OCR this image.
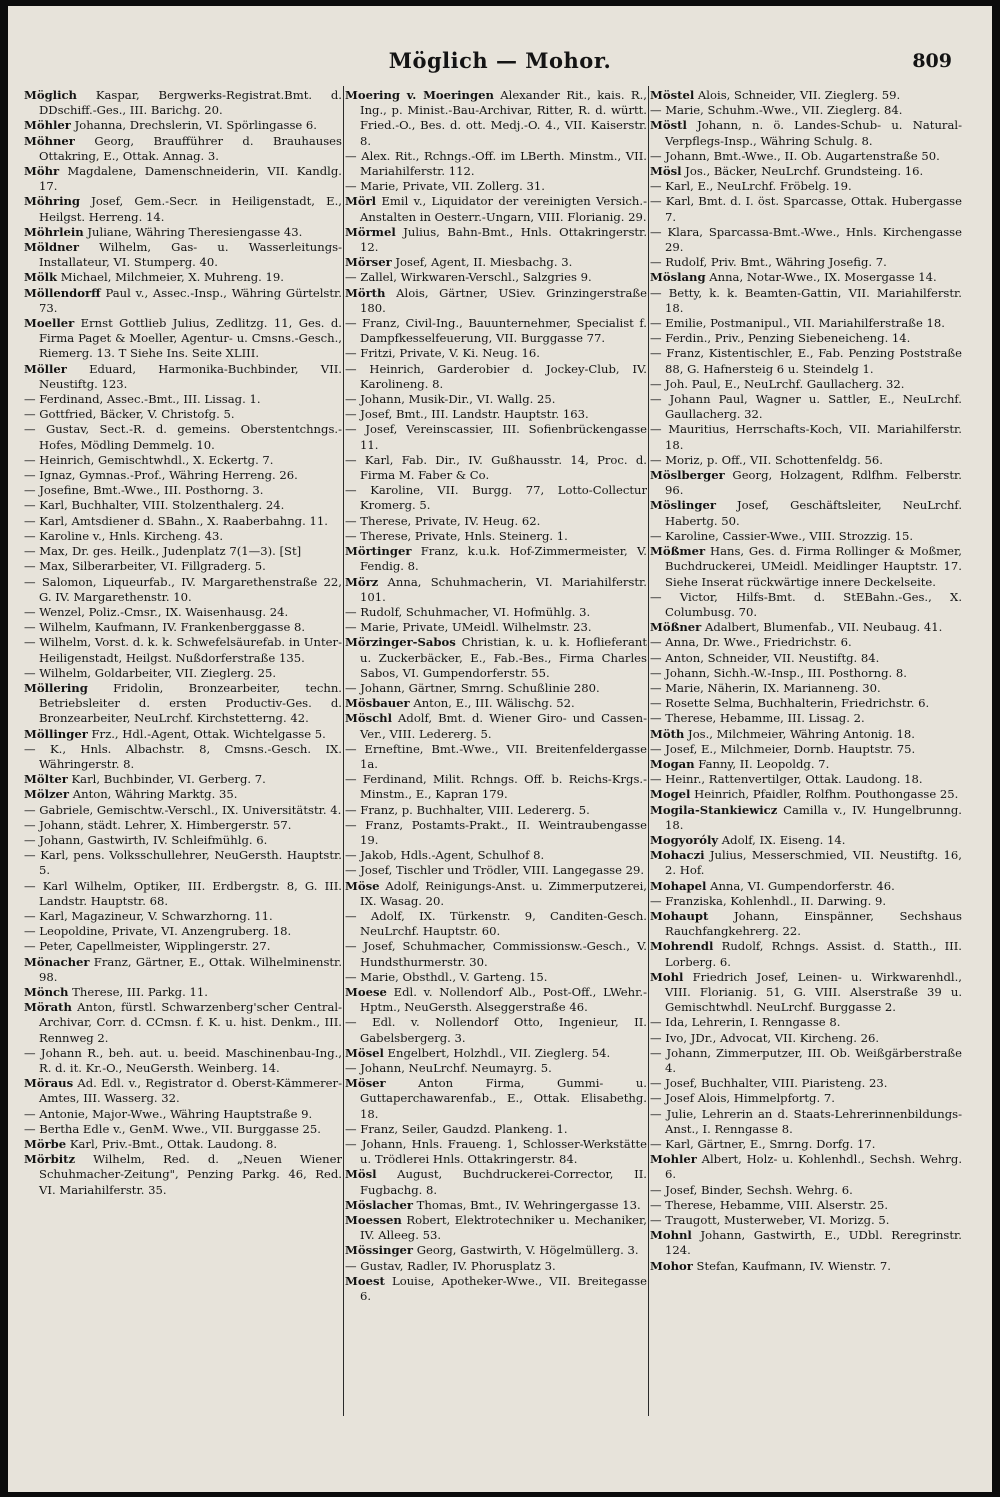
Möglich — Mohor.	809

Möglich Kaspar, Bergwerks-Registrat.Bmt. d. DDschiff.-Ges., III. Barichg. 20.

Möhler Johanna, Drechslerin, VI. Spörlingasse 6.

Möhner Georg, Braufführer d. Brauhauses Ottakring, E., Ottak. Annag. 3.

Möhr Magdalene, Damenschneiderin, VII. Kandlg. 17.

Möhring Josef, Gem.-Secr. in Heiligenstadt, E., Heilgst. Herreng. 14.

Möhrlein Juliane, Währing Theresiengasse 43.

Möldner Wilhelm, Gas- u. Wasserleitungs-Installateur, VI. Stumperg. 40.

Mölk Michael, Milchmeier, X. Muhreng. 19.

Möllendorff Paul v., Assec.-Insp., Währing Gürtelstr. 73.

Moeller Ernst Gottlieb Julius, Zedlitzg. 11, Ges. d. Firma Paget & Moeller, Agentur- u. Cmsns.-Gesch., Riemerg. 13. T Siehe Ins. Seite XLIII.

Möller Eduard, Harmonika-Buchbinder, VII. Neustiftg. 123.

— Ferdinand, Assec.-Bmt., III. Lissag. 1.

— Gottfried, Bäcker, V. Christofg. 5.

— Gustav, Sect.-R. d. gemeins. Oberstentchngs.-Hofes, Mödling Demmelg. 10.

— Heinrich, Gemischtwhdl., X. Eckertg. 7.

— Ignaz, Gymnas.-Prof., Währing Herreng. 26.

— Josefine, Bmt.-Wwe., III. Posthorng. 3.

— Karl, Buchhalter, VIII. Stolzenthalerg. 24.

— Karl, Amtsdiener d. SBahn., X. Raaberbahng. 11.

— Karoline v., Hnls. Kircheng. 43.

— Max, Dr. ges. Heilk., Judenplatz 7(1—3). [St]

— Max, Silberarbeiter, VI. Fillgraderg. 5.

— Salomon, Liqueurfab., IV. Margarethenstraße 22, G. IV. Margarethenstr. 10.

— Wenzel, Poliz.-Cmsr., IX. Waisenhausg. 24.

— Wilhelm, Kaufmann, IV. Frankenberggasse 8.

— Wilhelm, Vorst. d. k. k. Schwefelsäurefab. in Unter-Heiligenstadt, Heilgst. Nußdorferstraße 135.

— Wilhelm, Goldarbeiter, VII. Zieglerg. 25.

Möllering Fridolin, Bronzearbeiter, techn. Betriebsleiter d. ersten Productiv-Ges. d. Bronzearbeiter, NeuLrchf. Kirchstetterng. 42.

Möllinger Frz., Hdl.-Agent, Ottak. Wichtelgasse 5.

— K., Hnls. Albachstr. 8, Cmsns.-Gesch. IX. Währingerstr. 8.

Mölter Karl, Buchbinder, VI. Gerberg. 7.

Mölzer Anton, Währing Marktg. 35.

— Gabriele, Gemischtw.-Verschl., IX. Universitätstr. 4.

— Johann, städt. Lehrer, X. Himbergerstr. 57.

— Johann, Gastwirth, IV. Schleifmühlg. 6.

— Karl, pens. Volksschullehrer, NeuGersth. Hauptstr. 5.

— Karl Wilhelm, Optiker, III. Erdbergstr. 8, G. III. Landstr. Hauptstr. 68.

— Karl, Magazineur, V. Schwarzhorng. 11.

— Leopoldine, Private, VI. Anzengruberg. 18.

— Peter, Capellmeister, Wipplingerstr. 27.

Mönacher Franz, Gärtner, E., Ottak. Wilhelminenstr. 98.

Mönch Therese, III. Parkg. 11.

Mörath Anton, fürstl. Schwarzenberg'scher Central-Archivar, Corr. d. CCmsn. f. K. u. hist. Denkm., III. Rennweg 2.

— Johann R., beh. aut. u. beeid. Maschinenbau-Ing., R. d. it. Kr.-O., NeuGersth. Weinberg. 14.

Möraus Ad. Edl. v., Registrator d. Oberst-Kämmerer-Amtes, III. Wasserg. 32.

— Antonie, Major-Wwe., Währing Hauptstraße 9.

— Bertha Edle v., GenM. Wwe., VII. Burggasse 25.

Mörbe Karl, Priv.-Bmt., Ottak. Laudong. 8.

Mörbitz Wilhelm, Red. d. „Neuen Wiener Schuhmacher-Zeitung", Penzing Parkg. 46, Red. VI. Mariahilferstr. 35.

Moering v. Moeringen Alexander Rit., kais. R., Ing., p. Minist.-Bau-Archivar, Ritter, R. d. württ. Fried.-O., Bes. d. ott. Medj.-O. 4., VII. Kaiserstr. 8.

— Alex. Rit., Rchngs.-Off. im LBerth. Minstm., VII. Mariahilferstr. 112.

— Marie, Private, VII. Zollerg. 31.

Mörl Emil v., Liquidator der vereinigten Versich.-Anstalten in Oesterr.-Ungarn, VIII. Florianig. 29.

Mörmel Julius, Bahn-Bmt., Hnls. Ottakringerstr. 12.

Mörser Josef, Agent, II. Miesbachg. 3.

— Zallel, Wirkwaren-Verschl., Salzgries 9.

Mörth Alois, Gärtner, USiev. Grinzingerstraße 180.

— Franz, Civil-Ing., Bauunternehmer, Specialist f. Dampfkesselfeuerung, VII. Burggasse 77.

— Fritzi, Private, V. Ki. Neug. 16.

— Heinrich, Garderobier d. Jockey-Club, IV. Karolineng. 8.

— Johann, Musik-Dir., VI. Wallg. 25.

— Josef, Bmt., III. Landstr. Hauptstr. 163.

— Josef, Vereinscassier, III. Sofienbrückengasse 11.

— Karl, Fab. Dir., IV. Gußhausstr. 14, Proc. d. Firma M. Faber & Co.

— Karoline, VII. Burgg. 77, Lotto-Collectur Kromerg. 5.

— Therese, Private, IV. Heug. 62.

— Therese, Private, Hnls. Steinerg. 1.

Mörtinger Franz, k.u.k. Hof-Zimmermeister, V. Fendig. 8.

Mörz Anna, Schuhmacherin, VI. Mariahilferstr. 101.

— Rudolf, Schuhmacher, VI. Hofmühlg. 3.

— Marie, Private, UMeidl. Wilhelmstr. 23.

Mörzinger-Sabos Christian, k. u. k. Hoflieferant u. Zuckerbäcker, E., Fab.-Bes., Firma Charles Sabos, VI. Gumpendorferstr. 55.

— Johann, Gärtner, Smrng. Schußlinie 280.

Mösbauer Anton, E., III. Wälischg. 52.

Möschl Adolf, Bmt. d. Wiener Giro- und Cassen-Ver., VIII. Ledererg. 5.

— Erneftine, Bmt.-Wwe., VII. Breitenfeldergasse 1a.

— Ferdinand, Milit. Rchngs. Off. b. Reichs-Krgs.-Minstm., E., Kapran 179.

— Franz, p. Buchhalter, VIII. Ledererg. 5.

— Franz, Postamts-Prakt., II. Weintraubengasse 19.

— Jakob, Hdls.-Agent, Schulhof 8.

— Josef, Tischler und Trödler, VIII. Langegasse 29.

Möse Adolf, Reinigungs-Anst. u. Zimmerputzerei, IX. Wasag. 20.

— Adolf, IX. Türkenstr. 9, Canditen-Gesch. NeuLrchf. Hauptstr. 60.

— Josef, Schuhmacher, Commissionsw.-Gesch., V. Hundsthurmerstr. 30.

— Marie, Obsthdl., V. Garteng. 15.

Moese Edl. v. Nollendorf Alb., Post-Off., LWehr.-Hptm., NeuGersth. Alseggerstraße 46.

— Edl. v. Nollendorf Otto, Ingenieur, II. Gabelsbergerg. 3.

Mösel Engelbert, Holzhdl., VII. Zieglerg. 54.

— Johann, NeuLrchf. Neumayrg. 5.

Möser Anton Firma, Gummi- u. Guttaperchawarenfab., E., Ottak. Elisabethg. 18.

— Franz, Seiler, Gaudzd. Plankeng. 1.

— Johann, Hnls. Fraueng. 1, Schlosser-Werkstätte u. Trödlerei Hnls. Ottakringerstr. 84.

Mösl August, Buchdruckerei-Corrector, II. Fugbachg. 8.

Möslacher Thomas, Bmt., IV. Wehringergasse 13.

Moessen Robert, Elektrotechniker u. Mechaniker, IV. Alleeg. 53.

Mössinger Georg, Gastwirth, V. Högelmüllerg. 3.

— Gustav, Radler, IV. Phorusplatz 3.

Moest Louise, Apotheker-Wwe., VII. Breitegasse 6.

Möstel Alois, Schneider, VII. Zieglerg. 59.

— Marie, Schuhm.-Wwe., VII. Zieglerg. 84.

Möstl Johann, n. ö. Landes-Schub- u. Natural-Verpflegs-Insp., Währing Schulg. 8.

— Johann, Bmt.-Wwe., II. Ob. Augartenstraße 50.

Mösl Jos., Bäcker, NeuLrchf. Grundsteing. 16.

— Karl, E., NeuLrchf. Fröbelg. 19.

— Karl, Bmt. d. I. öst. Sparcasse, Ottak. Hubergasse 7.

— Klara, Sparcassa-Bmt.-Wwe., Hnls. Kirchengasse 29.

— Rudolf, Priv. Bmt., Währing Josefig. 7.

Möslang Anna, Notar-Wwe., IX. Mosergasse 14.

— Betty, k. k. Beamten-Gattin, VII. Mariahilferstr. 18.

— Emilie, Postmanipul., VII. Mariahilferstraße 18.

— Ferdin., Priv., Penzing Siebeneicheng. 14.

— Franz, Kistentischler, E., Fab. Penzing Poststraße 88, G. Hafnersteig 6 u. Steindelg 1.

— Joh. Paul, E., NeuLrchf. Gaullacherg. 32.

— Johann Paul, Wagner u. Sattler, E., NeuLrchf. Gaullacherg. 32.

— Mauritius, Herrschafts-Koch, VII. Mariahilferstr. 18.

— Moriz, p. Off., VII. Schottenfeldg. 56.

Möslberger Georg, Holzagent, Rdlfhm. Felberstr. 96.

Möslinger Josef, Geschäftsleiter, NeuLrchf. Habertg. 50.

— Karoline, Cassier-Wwe., VIII. Strozzig. 15.

Mößmer Hans, Ges. d. Firma Rollinger & Moßmer, Buchdruckerei, UMeidl. Meidlinger Hauptstr. 17. Siehe Inserat rückwärtige innere Deckelseite.

— Victor, Hilfs-Bmt. d. StEBahn.-Ges., X. Columbusg. 70.

Mößner Adalbert, Blumenfab., VII. Neubaug. 41.

— Anna, Dr. Wwe., Friedrichstr. 6.

— Anton, Schneider, VII. Neustiftg. 84.

— Johann, Sichh.-W.-Insp., III. Posthorng. 8.

— Marie, Näherin, IX. Marianneng. 30.

— Rosette Selma, Buchhalterin, Friedrichstr. 6.

— Therese, Hebamme, III. Lissag. 2.

Möth Jos., Milchmeier, Währing Antonig. 18.

— Josef, E., Milchmeier, Dornb. Hauptstr. 75.

Mogan Fanny, II. Leopoldg. 7.

— Heinr., Rattenvertilger, Ottak. Laudong. 18.

Mogel Heinrich, Pfaidler, Rolfhm. Pouthongasse 25.

Mogila-Stankiewicz Camilla v., IV. Hungelbrunng. 18.

Mogyoróly Adolf, IX. Eiseng. 14.

Mohaczi Julius, Messerschmied, VII. Neustiftg. 16, 2. Hof.

Mohapel Anna, VI. Gumpendorferstr. 46.

— Franziska, Kohlenhdl., II. Darwing. 9.

Mohaupt Johann, Einspänner, Sechshaus Rauchfangkehrerg. 22.

Mohrendl Rudolf, Rchngs. Assist. d. Statth., III. Lorberg. 6.

Mohl Friedrich Josef, Leinen- u. Wirkwarenhdl., VIII. Florianig. 51, G. VIII. Alserstraße 39 u. Gemischtwhdl. NeuLrchf. Burggasse 2.

— Ida, Lehrerin, I. Renngasse 8.

— Ivo, JDr., Advocat, VII. Kircheng. 26.

— Johann, Zimmerputzer, III. Ob. Weißgärberstraße 4.

— Josef, Buchhalter, VIII. Piaristeng. 23.

— Josef Alois, Himmelpfortg. 7.

— Julie, Lehrerin an d. Staats-Lehrerinnenbildungs-Anst., I. Renngasse 8.

— Karl, Gärtner, E., Smrng. Dorfg. 17.

Mohler Albert, Holz- u. Kohlenhdl., Sechsh. Wehrg. 6.

— Josef, Binder, Sechsh. Wehrg. 6.

— Therese, Hebamme, VIII. Alserstr. 25.

— Traugott, Musterweber, VI. Morizg. 5.

Mohnl Johann, Gastwirth, E., UDbl. Reregrinstr. 124.

Mohor Stefan, Kaufmann, IV. Wienstr. 7.
